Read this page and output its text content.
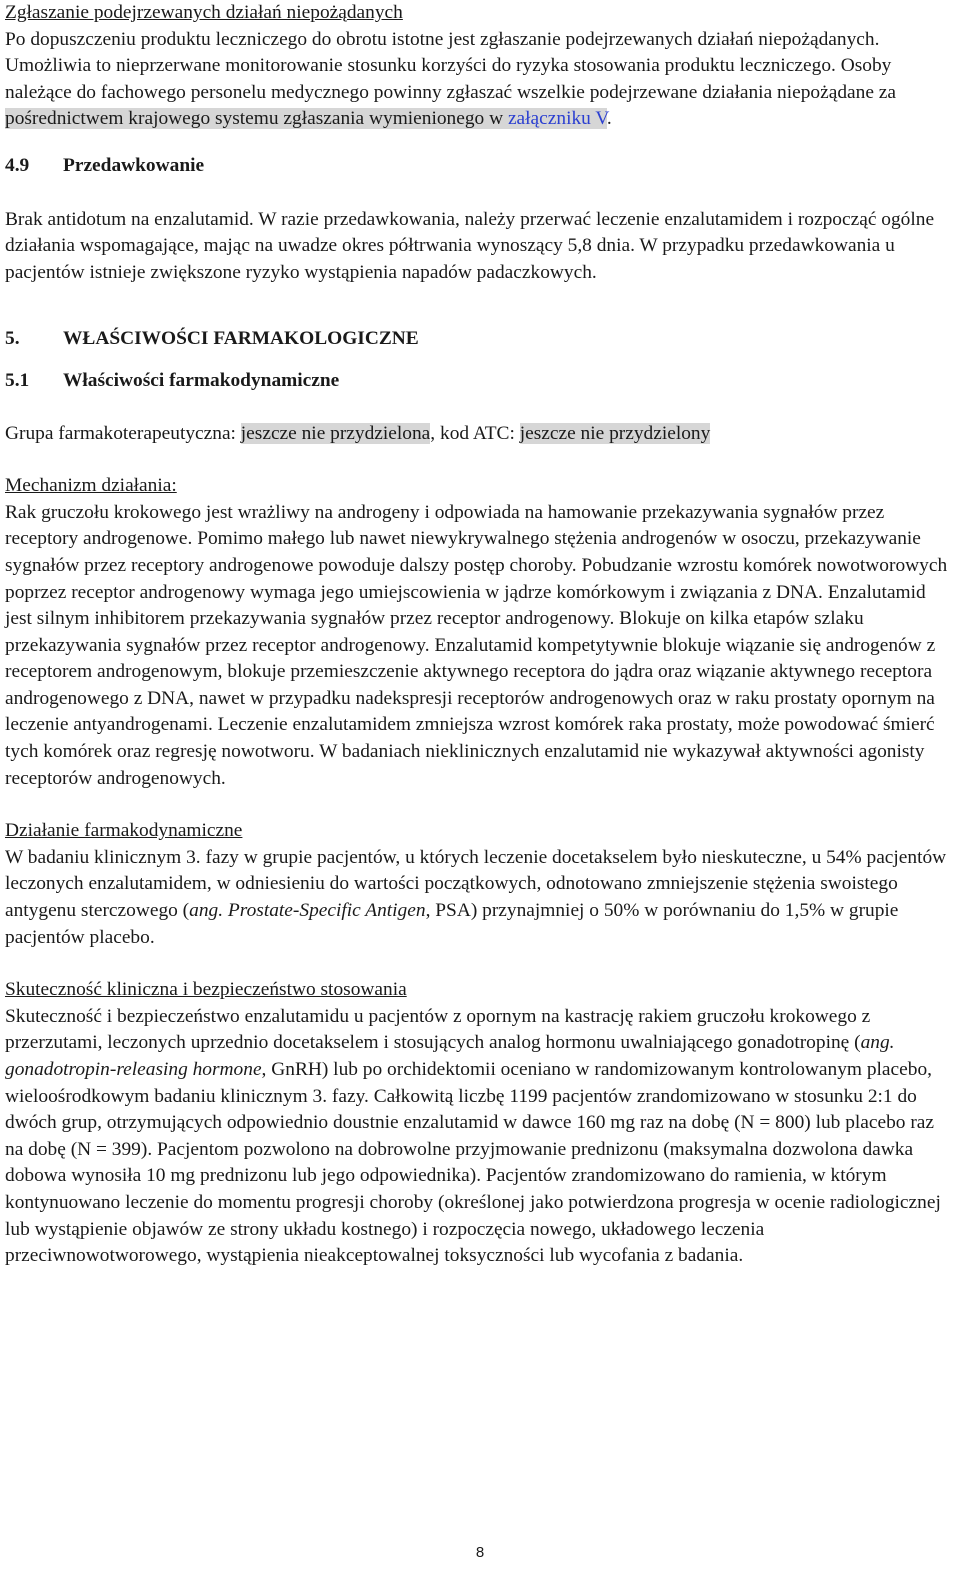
Zgłaszanie podejrzewanych działań niepożądanych
Po dopuszczeniu produktu leczniczego do obrotu istotne jest zgłaszanie podejrzewanych działań niepożądanych. Umożliwia to nieprzerwane monitorowanie stosunku korzyści do ryzyka stosowania produktu leczniczego. Osoby należące do fachowego personelu medycznego powinny zgłaszać wszelkie podejrzewane działania niepożądane za pośrednictwem krajowego systemu zgłaszania wymienionego w załączniku V.
4.9	Przedawkowanie
Brak antidotum na enzalutamid. W razie przedawkowania, należy przerwać leczenie enzalutamidem i rozpocząć ogólne działania wspomagające, mając na uwadze okres półtrwania wynoszący 5,8 dnia. W przypadku przedawkowania u pacjentów istnieje zwiększone ryzyko wystąpienia napadów padaczkowych.
5.	WŁAŚCIWOŚCI FARMAKOLOGICZNE
5.1	Właściwości farmakodynamiczne
Grupa farmakoterapeutyczna: jeszcze nie przydzielona, kod ATC: jeszcze nie przydzielony
Mechanizm działania:
Rak gruczołu krokowego jest wrażliwy na androgeny i odpowiada na hamowanie przekazywania sygnałów przez receptory androgenowe. Pomimo małego lub nawet niewykrywalnego stężenia androgenów w osoczu, przekazywanie sygnałów przez receptory androgenowe powoduje dalszy postęp choroby. Pobudzanie wzrostu komórek nowotworowych poprzez receptor androgenowy wymaga jego umiejscowienia w jądrze komórkowym i związania z DNA. Enzalutamid jest silnym inhibitorem przekazywania sygnałów przez receptor androgenowy. Blokuje on kilka etapów szlaku przekazywania sygnałów przez receptor androgenowy. Enzalutamid kompetytywnie blokuje wiązanie się androgenów z receptorem androgenowym, blokuje przemieszczenie aktywnego receptora do jądra oraz wiązanie aktywnego receptora androgenowego z DNA, nawet w przypadku nadekspresji receptorów androgenowych oraz w raku prostaty opornym na leczenie antyandrogenami. Leczenie enzalutamidem zmniejsza wzrost komórek raka prostaty, może powodować śmierć tych komórek oraz regresję nowotworu. W badaniach nieklinicznych enzalutamid nie wykazywał aktywności agonisty receptorów androgenowych.
Działanie farmakodynamiczne
W badaniu klinicznym 3. fazy w grupie pacjentów, u których leczenie docetakselem było nieskuteczne, u 54% pacjentów leczonych enzalutamidem, w odniesieniu do wartości początkowych, odnotowano zmniejszenie stężenia swoistego antygenu sterczowego (ang. Prostate-Specific Antigen, PSA) przynajmniej o 50% w porównaniu do 1,5% w grupie pacjentów placebo.
Skuteczność kliniczna i bezpieczeństwo stosowania
Skuteczność i bezpieczeństwo enzalutamidu u pacjentów z opornym na kastrację rakiem gruczołu krokowego z przerzutami, leczonych uprzednio docetakselem i stosujących analog hormonu uwalniającego gonadotropinę (ang. gonadotropin-releasing hormone, GnRH) lub po orchidektomii oceniano w randomizowanym kontrolowanym placebo, wieloośrodkowym badaniu klinicznym 3. fazy. Całkowitą liczbę 1199 pacjentów zrandomizowano w stosunku 2:1 do dwóch grup, otrzymujących odpowiednio doustnie enzalutamid w dawce 160 mg raz na dobę (N = 800) lub placebo raz na dobę (N = 399). Pacjentom pozwolono na dobrowolne przyjmowanie prednizonu (maksymalna dozwolona dawka dobowa wynosiła 10 mg prednizonu lub jego odpowiednika). Pacjentów zrandomizowano do ramienia, w którym kontynuowano leczenie do momentu progresji choroby (określonej jako potwierdzona progresja w ocenie radiologicznej lub wystąpienie objawów ze strony układu kostnego) i rozpoczęcia nowego, układowego leczenia przeciwnowotworowego, wystąpienia nieakceptowalnej toksyczności lub wycofania z badania.
8
